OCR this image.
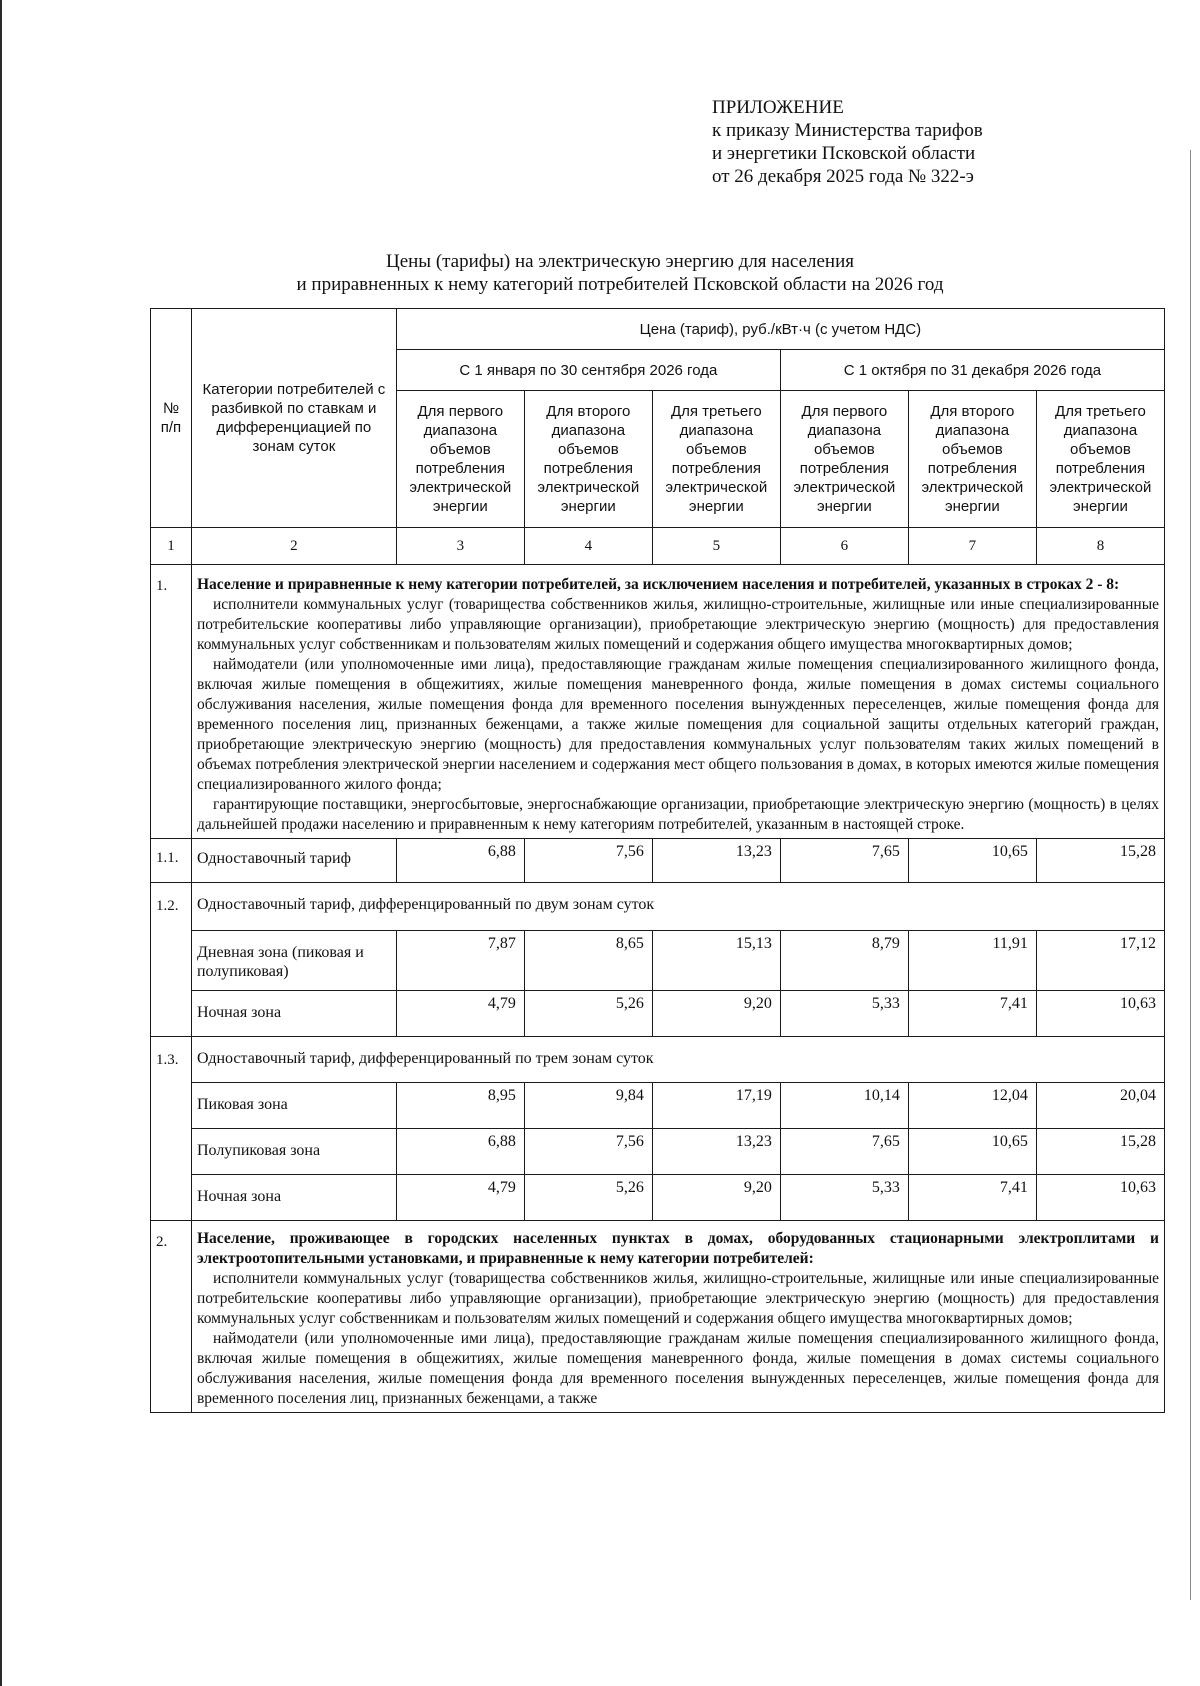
ПРИЛОЖЕНИЕ
к приказу Министерства тарифов
и энергетики Псковской области
от 26 декабря 2025 года № 322-э
Цены (тарифы) на электрическую энергию для населения
и приравненных к нему категорий потребителей Псковской области на 2026 год
№ п/п	Категории потребителей с разбивкой по ставкам и дифференциацией по зонам суток	Цена (тариф), руб./кВт·ч (с учетом НДС)					
		С 1 января по 30 сентября 2026 года			С 1 октября по 31 декабря 2026 года		
		Для первого диапазона объемов потребления электрической энергии	Для второго диапазона объемов потребления электрической энергии	Для третьего диапазона объемов потребления электрической энергии	Для первого диапазона объемов потребления электрической энергии	Для второго диапазона объемов потребления электрической энергии	Для третьего диапазона объемов потребления электрической энергии
1	2	3	4	5	6	7	8
1.	Население и приравненные к нему категории потребителей, за исключением населения и потребителей, указанных в строках 2 - 8:

исполнители коммунальных услуг (товарищества собственников жилья, жилищно-строительные, жилищные или иные специализированные потребительские кооперативы либо управляющие организации), приобретающие электрическую энергию (мощность) для предоставления коммунальных услуг собственникам и пользователям жилых помещений и содержания общего имущества многоквартирных домов;

наймодатели (или уполномоченные ими лица), предоставляющие гражданам жилые помещения специализированного жилищного фонда, включая жилые помещения в общежитиях, жилые помещения маневренного фонда, жилые помещения в домах системы социального обслуживания населения, жилые помещения фонда для временного поселения вынужденных переселенцев, жилые помещения фонда для временного поселения лиц, признанных беженцами, а также жилые помещения для социальной защиты отдельных категорий граждан, приобретающие электрическую энергию (мощность) для предоставления коммунальных услуг пользователям таких жилых помещений в объемах потребления электрической энергии населением и содержания мест общего пользования в домах, в которых имеются жилые помещения специализированного жилого фонда;

гарантирующие поставщики, энергосбытовые, энергоснабжающие организации, приобретающие электрическую энергию (мощность) в целях дальнейшей продажи населению и приравненным к нему категориям потребителей, указанным в настоящей строке.						

1.1.	Одноставочный тариф	6,88	7,56	13,23	7,65	10,65	15,28
1.2.	Одноставочный тариф, дифференцированный по двум зонам суток						
	Дневная зона (пиковая и полупиковая)	7,87	8,65	15,13	8,79	11,91	17,12
	Ночная зона	4,79	5,26	9,20	5,33	7,41	10,63
1.3.	Одноставочный тариф, дифференцированный по трем зонам суток						
	Пиковая зона	8,95	9,84	17,19	10,14	12,04	20,04
	Полупиковая зона	6,88	7,56	13,23	7,65	10,65	15,28
	Ночная зона	4,79	5,26	9,20	5,33	7,41	10,63
2.	Население, проживающее в городских населенных пунктах в домах, оборудованных стационарными электроплитами и электроотопительными установками, и приравненные к нему категории потребителей:

исполнители коммунальных услуг (товарищества собственников жилья, жилищно-строительные, жилищные или иные специализированные потребительские кооперативы либо управляющие организации), приобретающие электрическую энергию (мощность) для предоставления коммунальных услуг собственникам и пользователям жилых помещений и содержания общего имущества многоквартирных домов;

наймодатели (или уполномоченные ими лица), предоставляющие гражданам жилые помещения специализированного жилищного фонда, включая жилые помещения в общежитиях, жилые помещения маневренного фонда, жилые помещения в домах системы социального обслуживания населения, жилые помещения фонда для временного поселения вынужденных переселенцев, жилые помещения фонда для временного поселения лиц, признанных беженцами, а также						
